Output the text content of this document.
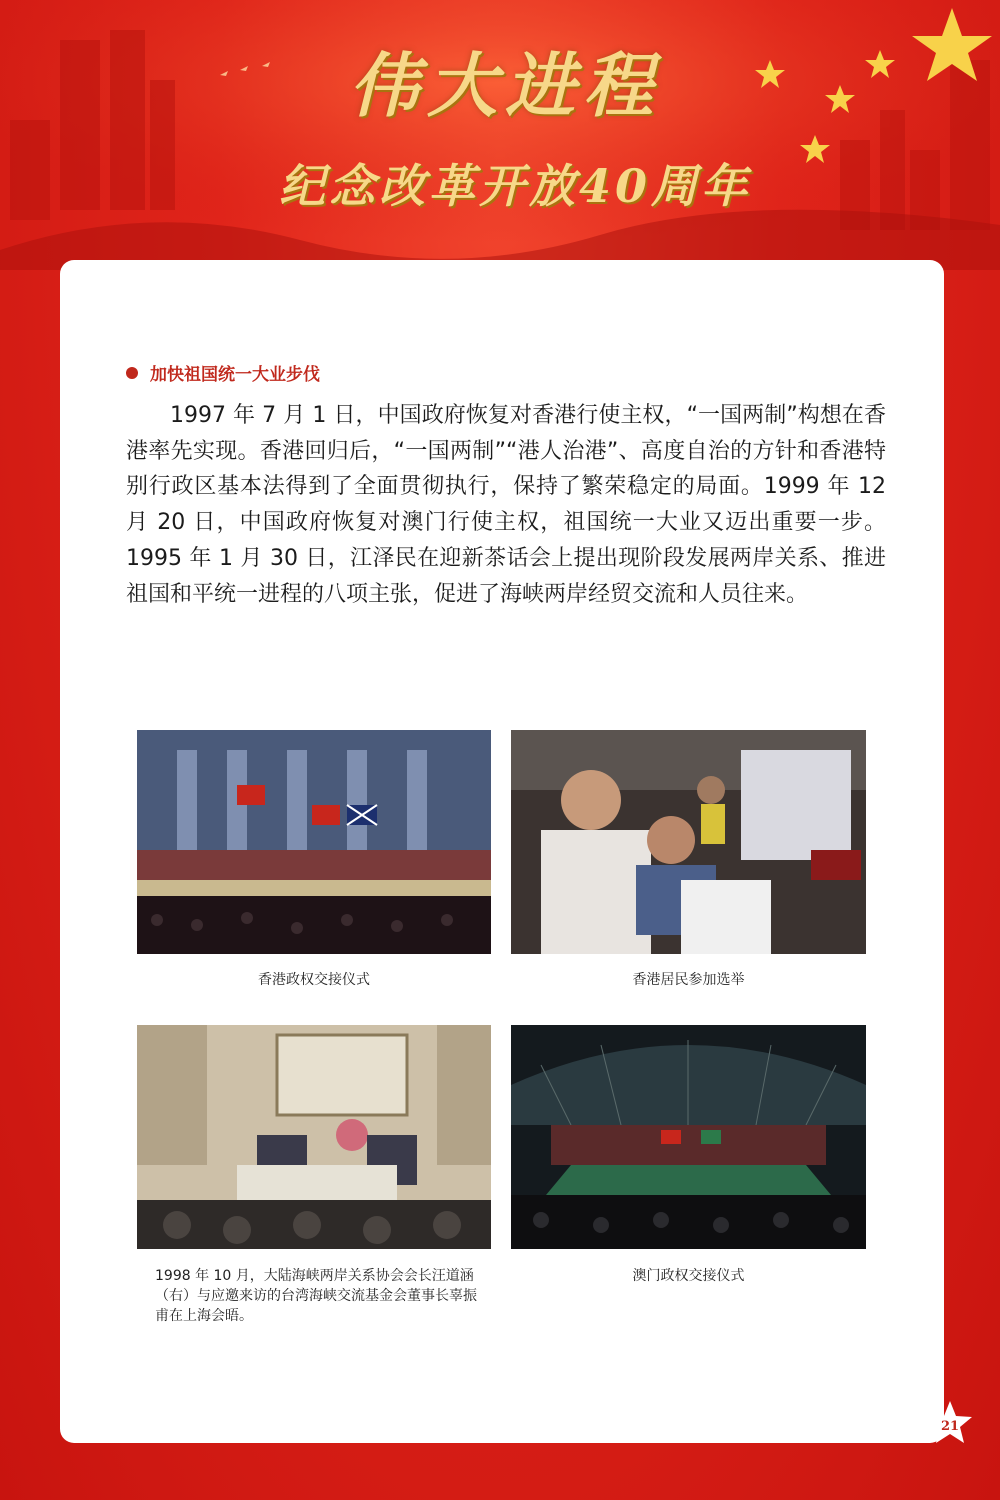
伟大进程
纪念改革开放40周年
加快祖国统一大业步伐

1997 年 7 月 1 日，中国政府恢复对香港行使主权，“一国两制”构想在香港率先实现。香港回归后，“一国两制”“港人治港”、高度自治的方针和香港特别行政区基本法得到了全面贯彻执行，保持了繁荣稳定的局面。1999 年 12 月 20 日，中国政府恢复对澳门行使主权，祖国统一大业又迈出重要一步。1995 年 1 月 30 日，江泽民在迎新茶话会上提出现阶段发展两岸关系、推进祖国和平统一进程的八项主张，促进了海峡两岸经贸交流和人员往来。

香港政权交接仪式	香港居民参加选举
1998 年 10 月，大陆海峡两岸关系协会会长汪道涵（右）与应邀来访的台湾海峡交流基金会董事长辜振甫在上海会晤。
澳门政权交接仪式
21
